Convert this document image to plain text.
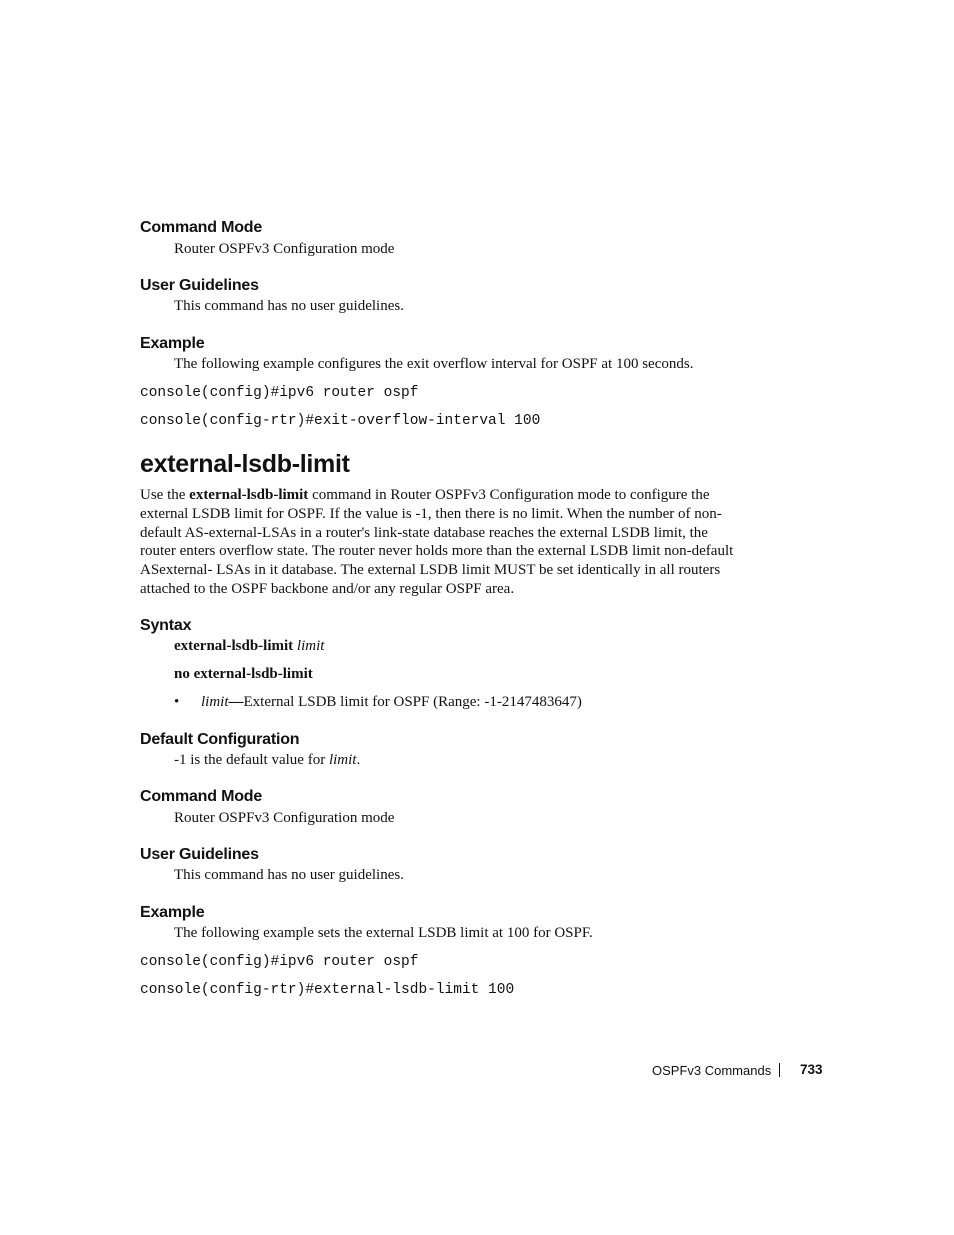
Command Mode
Router OSPFv3 Configuration mode
User Guidelines
This command has no user guidelines.
Example
The following example configures the exit overflow interval for OSPF at 100 seconds.
console(config)#ipv6 router ospf
console(config-rtr)#exit-overflow-interval 100
external-lsdb-limit

Use the external-lsdb-limit command in Router OSPFv3 Configuration mode to configure the

external LSDB limit for OSPF. If the value is -1, then there is no limit. When the number of non-

default AS-external-LSAs in a router's link-state database reaches the external LSDB limit, the

router enters overflow state. The router never holds more than the external LSDB limit non-default

ASexternal- LSAs in it database. The external LSDB limit MUST be set identically in all routers

attached to the OSPF backbone and/or any regular OSPF area.

Syntax
external-lsdb-limit limit
no external-lsdb-limit
• limit—External LSDB limit for OSPF (Range: -1-2147483647)
Default Configuration
-1 is the default value for limit.
Command Mode
Router OSPFv3 Configuration mode
User Guidelines
This command has no user guidelines.
Example
The following example sets the external LSDB limit at 100 for OSPF.
console(config)#ipv6 router ospf
console(config-rtr)#external-lsdb-limit 100
OSPFv3 Commands 733
